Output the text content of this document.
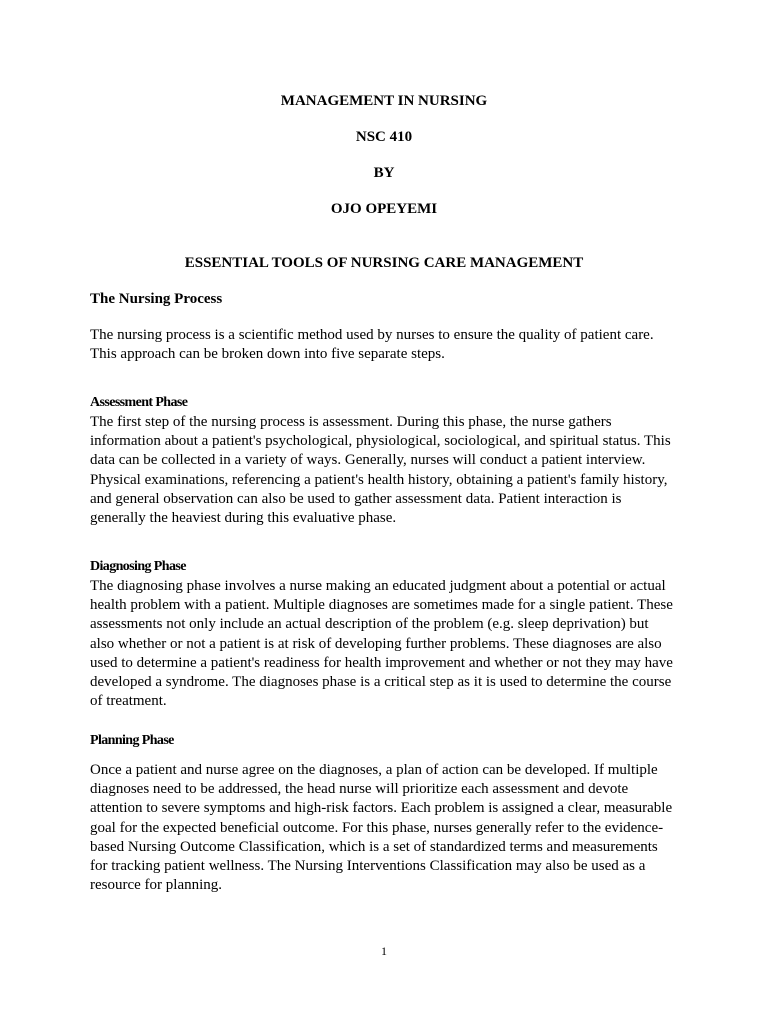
MANAGEMENT IN NURSING

NSC 410

BY

OJO OPEYEMI

ESSENTIAL TOOLS OF NURSING CARE MANAGEMENT

The Nursing Process

The nursing process is a scientific method used by nurses to ensure the quality of patient care.
This approach can be broken down into five separate steps.

Assessment Phase

The first step of the nursing process is assessment. During this phase, the nurse gathers
information about a patient's psychological, physiological, sociological, and spiritual status. This
data can be collected in a variety of ways. Generally, nurses will conduct a patient interview.
Physical examinations, referencing a patient's health history, obtaining a patient's family history,
and general observation can also be used to gather assessment data. Patient interaction is
generally the heaviest during this evaluative phase.

Diagnosing Phase

The diagnosing phase involves a nurse making an educated judgment about a potential or actual
health problem with a patient. Multiple diagnoses are sometimes made for a single patient. These
assessments not only include an actual description of the problem (e.g. sleep deprivation) but
also whether or not a patient is at risk of developing further problems. These diagnoses are also
used to determine a patient's readiness for health improvement and whether or not they may have
developed a syndrome. The diagnoses phase is a critical step as it is used to determine the course
of treatment.

Planning Phase

Once a patient and nurse agree on the diagnoses, a plan of action can be developed. If multiple
diagnoses need to be addressed, the head nurse will prioritize each assessment and devote
attention to severe symptoms and high-risk factors. Each problem is assigned a clear, measurable
goal for the expected beneficial outcome. For this phase, nurses generally refer to the evidence-
based Nursing Outcome Classification, which is a set of standardized terms and measurements
for tracking patient wellness. The Nursing Interventions Classification may also be used as a
resource for planning.

1
